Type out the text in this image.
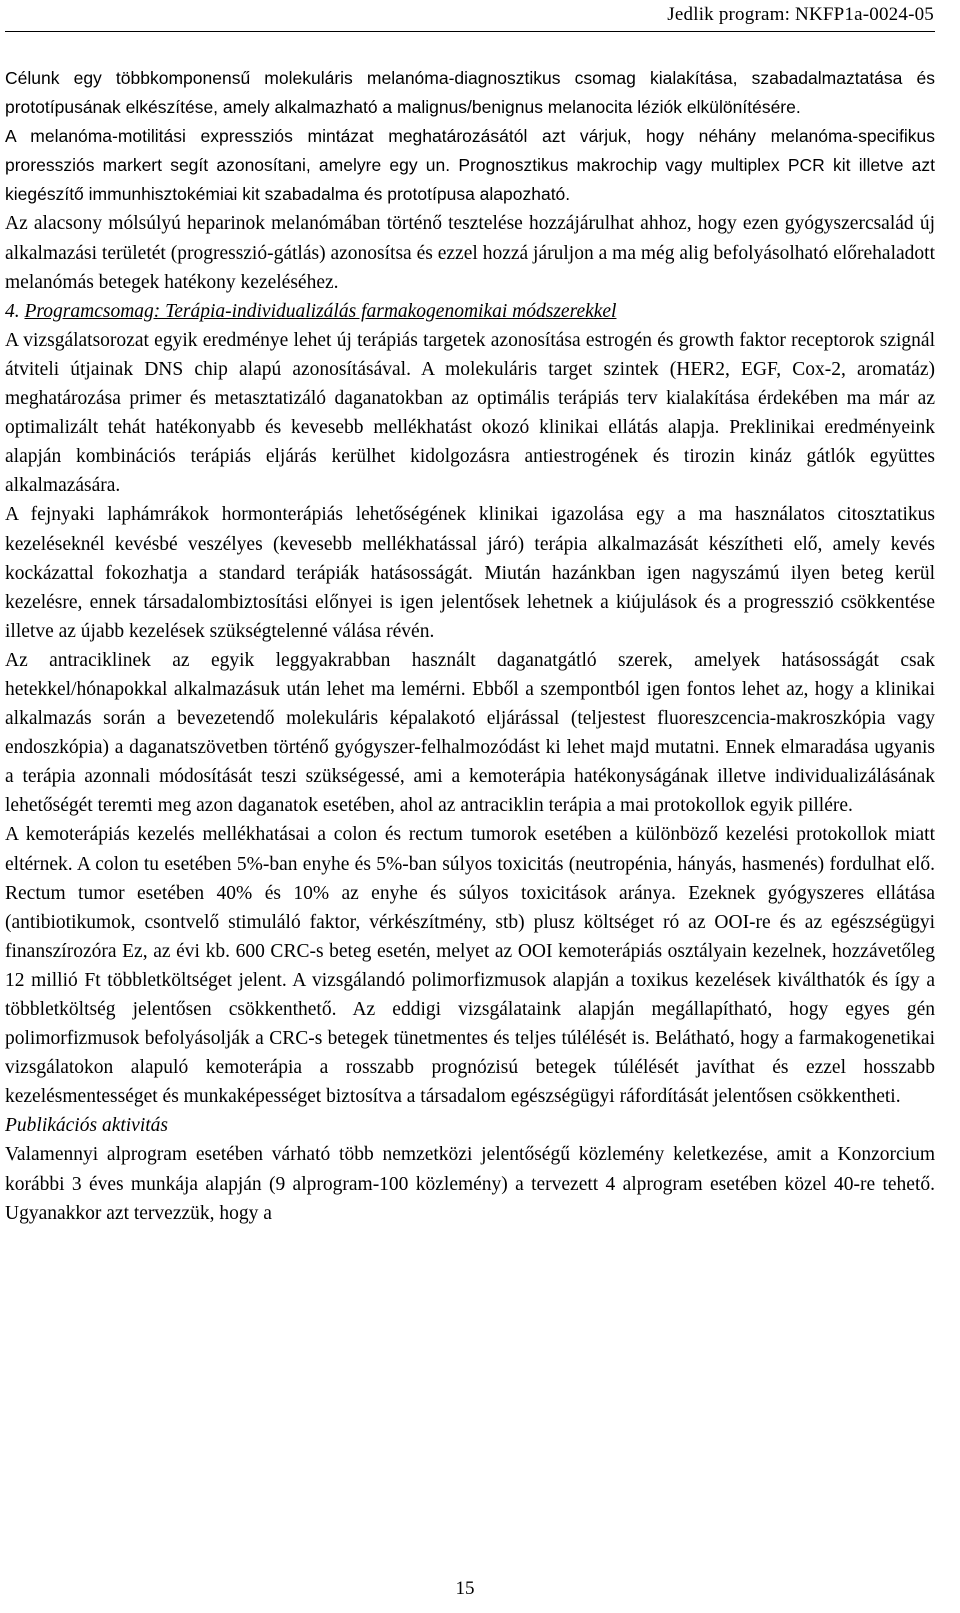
Jedlik program: NKFP1a-0024-05

Célunk egy többkomponensű molekuláris melanóma-diagnosztikus csomag kialakítása, szabadalmaztatása és prototípusának elkészítése, amely alkalmazható a malignus/benignus melanocita léziók elkülönítésére.

A melanóma-motilitási expressziós mintázat meghatározásától azt várjuk, hogy néhány melanóma-specifikus proressziós markert segít azonosítani, amelyre egy un. Prognosztikus makrochip vagy multiplex PCR kit illetve azt kiegészítő immunhisztokémiai kit szabadalma és prototípusa alapozható.

Az alacsony mólsúlyú heparinok melanómában történő tesztelése hozzájárulhat ahhoz, hogy ezen gyógyszercsalád új alkalmazási területét (progresszió-gátlás) azonosítsa és ezzel hozzá járuljon a ma még alig befolyásolható előrehaladott melanómás betegek hatékony kezeléséhez.

4. Programcsomag: Terápia-individualizálás farmakogenomikai módszerekkel

A vizsgálatsorozat egyik eredménye lehet új terápiás targetek azonosítása estrogén és growth faktor receptorok szignál átviteli útjainak DNS chip alapú azonosításával. A molekuláris target szintek (HER2, EGF, Cox-2, aromatáz) meghatározása primer és metasztatizáló daganatokban az optimális terápiás terv kialakítása érdekében ma már az optimalizált tehát hatékonyabb és kevesebb mellékhatást okozó klinikai ellátás alapja. Preklinikai eredményeink alapján kombinációs terápiás eljárás kerülhet kidolgozásra antiestrogének és tirozin kináz gátlók együttes alkalmazására.

A fejnyaki laphámrákok hormonterápiás lehetőségének klinikai igazolása egy a ma használatos citosztatikus kezeléseknél kevésbé veszélyes (kevesebb mellékhatással járó) terápia alkalmazását készítheti elő, amely kevés kockázattal fokozhatja a standard terápiák hatásosságát. Miután hazánkban igen nagyszámú ilyen beteg kerül kezelésre, ennek társadalombiztosítási előnyei is igen jelentősek lehetnek a kiújulások és a progresszió csökkentése illetve az újabb kezelések szükségtelenné válása révén.

Az antraciklinek az egyik leggyakrabban használt daganatgátló szerek, amelyek hatásosságát csak hetekkel/hónapokkal alkalmazásuk után lehet ma lemérni. Ebből a szempontból igen fontos lehet az, hogy a klinikai alkalmazás során a bevezetendő molekuláris képalakotó eljárással (teljestest fluoreszcencia-makroszkópia vagy endoszkópia) a daganatszövetben történő gyógyszer-felhalmozódást ki lehet majd mutatni. Ennek elmaradása ugyanis a terápia azonnali módosítását teszi szükségessé, ami a kemoterápia hatékonyságának illetve individualizálásának lehetőségét teremti meg azon daganatok esetében, ahol az antraciklin terápia a mai protokollok egyik pillére.

A kemoterápiás kezelés mellékhatásai a colon és rectum tumorok esetében a különböző kezelési protokollok miatt eltérnek. A colon tu esetében 5%-ban enyhe és 5%-ban súlyos toxicitás (neutropénia, hányás, hasmenés) fordulhat elő. Rectum tumor esetében 40% és 10% az enyhe és súlyos toxicitások aránya. Ezeknek gyógyszeres ellátása (antibiotikumok, csontvelő stimuláló faktor, vérkészítmény, stb) plusz költséget ró az OOI-re és az egészségügyi finanszírozóra Ez, az évi kb. 600 CRC-s beteg esetén, melyet az OOI kemoterápiás osztályain kezelnek, hozzávetőleg 12 millió Ft többletköltséget jelent. A vizsgálandó polimorfizmusok alapján a toxikus kezelések kiválthatók és így a többletköltség jelentősen csökkenthető. Az eddigi vizsgálataink alapján megállapítható, hogy egyes gén polimorfizmusok befolyásolják a CRC-s betegek tünetmentes és teljes túlélését is. Belátható, hogy a farmakogenetikai vizsgálatokon alapuló kemoterápia a rosszabb prognózisú betegek túlélését javíthat és ezzel hosszabb kezelésmentességet és munkaképességet biztosítva a társadalom egészségügyi ráfordítását jelentősen csökkentheti.

Publikációs aktivitás

Valamennyi alprogram esetében várható több nemzetközi jelentőségű közlemény keletkezése, amit a Konzorcium korábbi 3 éves munkája alapján (9 alprogram-100 közlemény) a tervezett 4 alprogram esetében közel 40-re tehető. Ugyanakkor azt tervezzük, hogy a

15
